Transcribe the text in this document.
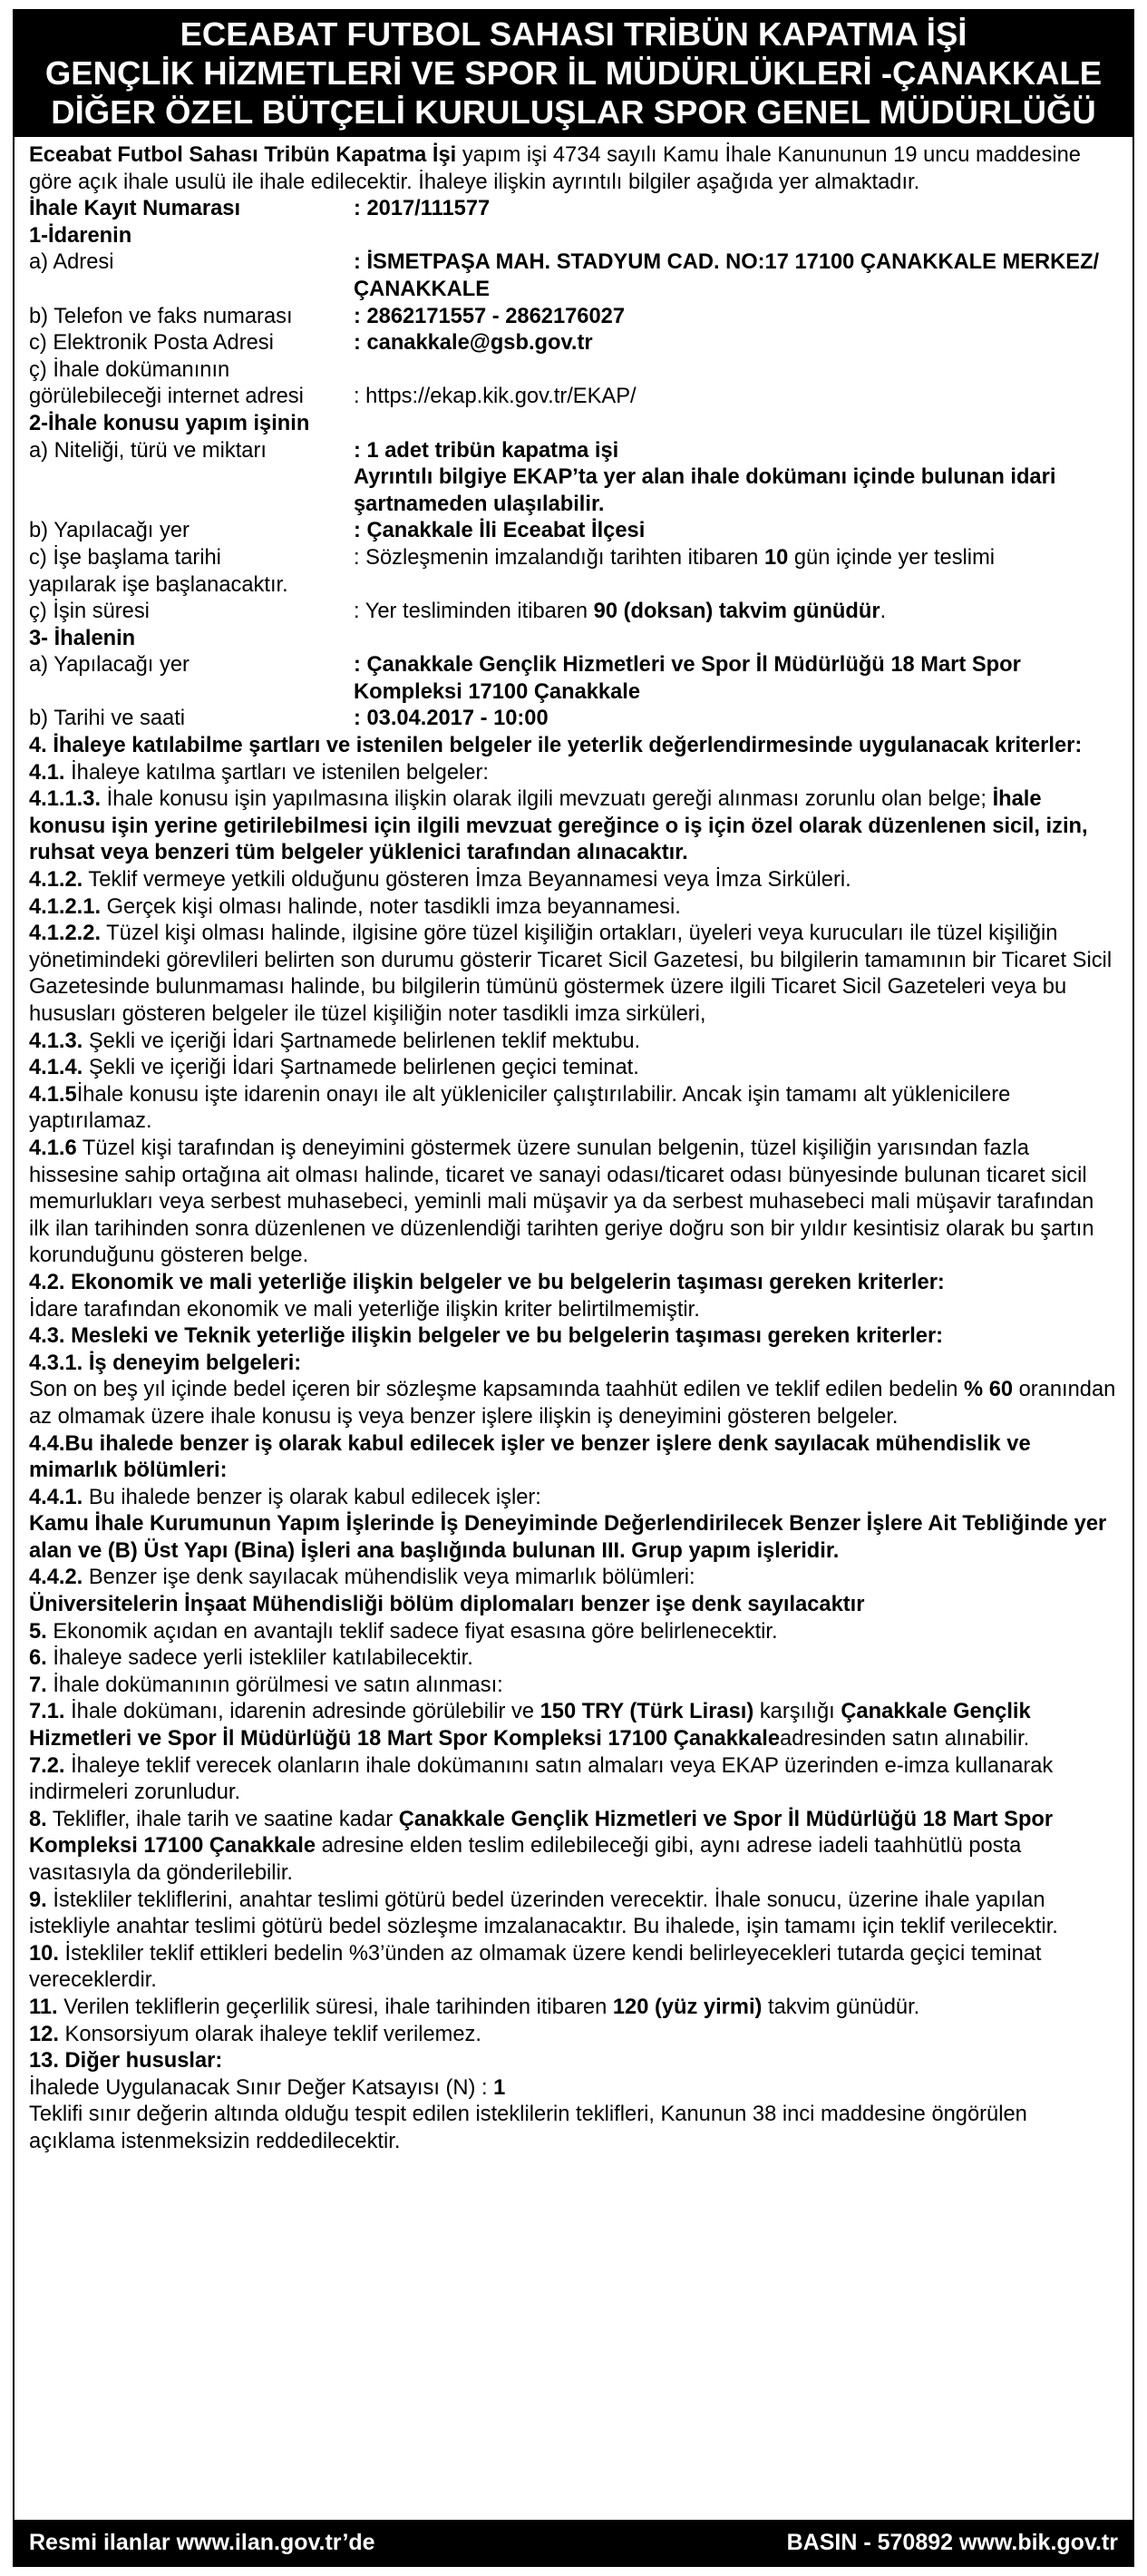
ECEABAT FUTBOL SAHASI TRİBÜN KAPATMA İŞİ
GENÇLİK HİZMETLERİ VE SPOR İL MÜDÜRLÜKLERİ -ÇANAKKALE
DİĞER ÖZEL BÜTÇELİ KURULUŞLAR SPOR GENEL MÜDÜRLÜĞÜ

Eceabat Futbol Sahası Tribün Kapatma İşi yapım işi 4734 sayılı Kamu İhale Kanununun 19 uncu maddesine göre açık ihale usulü ile ihale edilecektir. İhaleye ilişkin ayrıntılı bilgiler aşağıda yer almaktadır.

İhale Kayıt Numarası	: 2017/111577

1-İdarenin

a) Adresi	: İSMETPAŞA MAH. STADYUM CAD. NO:17 17100 ÇANAKKALE MERKEZ/ÇANAKKALE
b) Telefon ve faks numarası	: 2862171557 - 2862176027
c) Elektronik Posta Adresi	: canakkale@gsb.gov.tr
ç) İhale dokümanının
görülebileceği internet adresi	: https://ekap.kik.gov.tr/EKAP/

2-İhale konusu yapım işinin

a) Niteliği, türü ve miktarı	: 1 adet tribün kapatma işi
Ayrıntılı bilgiye EKAP’ta yer alan ihale dokümanı içinde bulunan idari şartnameden ulaşılabilir.
b) Yapılacağı yer	: Çanakkale İli Eceabat İlçesi
c) İşe başlama tarihi	: Sözleşmenin imzalandığı tarihten itibaren 10 gün içinde yer teslimi
yapılarak işe başlanacaktır.
ç) İşin süresi	: Yer tesliminden itibaren 90 (doksan) takvim günüdür.

3- İhalenin

a) Yapılacağı yer	: Çanakkale Gençlik Hizmetleri ve Spor İl Müdürlüğü 18 Mart Spor Kompleksi 17100 Çanakkale
b) Tarihi ve saati	: 03.04.2017 - 10:00

4. İhaleye katılabilme şartları ve istenilen belgeler ile yeterlik değerlendirmesinde uygulanacak kriterler:

4.1. İhaleye katılma şartları ve istenilen belgeler:

4.1.1.3. İhale konusu işin yapılmasına ilişkin olarak ilgili mevzuatı gereği alınması zorunlu olan belge; İhale konusu işin yerine getirilebilmesi için ilgili mevzuat gereğince o iş için özel olarak düzenlenen sicil, izin, ruhsat veya benzeri tüm belgeler yüklenici tarafından alınacaktır.

4.1.2. Teklif vermeye yetkili olduğunu gösteren İmza Beyannamesi veya İmza Sirküleri.

4.1.2.1. Gerçek kişi olması halinde, noter tasdikli imza beyannamesi.

4.1.2.2. Tüzel kişi olması halinde, ilgisine göre tüzel kişiliğin ortakları, üyeleri veya kurucuları ile tüzel kişiliğin yönetimindeki görevlileri belirten son durumu gösterir Ticaret Sicil Gazetesi, bu bilgilerin tamamının bir Ticaret Sicil Gazetesinde bulunmaması halinde, bu bilgilerin tümünü göstermek üzere ilgili Ticaret Sicil Gazeteleri veya bu hususları gösteren belgeler ile tüzel kişiliğin noter tasdikli imza sirküleri,

4.1.3. Şekli ve içeriği İdari Şartnamede belirlenen teklif mektubu.

4.1.4. Şekli ve içeriği İdari Şartnamede belirlenen geçici teminat.

4.1.5İhale konusu işte idarenin onayı ile alt yükleniciler çalıştırılabilir. Ancak işin tamamı alt yüklenicilere yaptırılamaz.

4.1.6 Tüzel kişi tarafından iş deneyimini göstermek üzere sunulan belgenin, tüzel kişiliğin yarısından fazla hissesine sahip ortağına ait olması halinde, ticaret ve sanayi odası/ticaret odası bünyesinde bulunan ticaret sicil memurlukları veya serbest muhasebeci, yeminli mali müşavir ya da serbest muhasebeci mali müşavir tarafından ilk ilan tarihinden sonra düzenlenen ve düzenlendiği tarihten geriye doğru son bir yıldır kesintisiz olarak bu şartın korunduğunu gösteren belge.

4.2. Ekonomik ve mali yeterliğe ilişkin belgeler ve bu belgelerin taşıması gereken kriterler:

İdare tarafından ekonomik ve mali yeterliğe ilişkin kriter belirtilmemiştir.

4.3. Mesleki ve Teknik yeterliğe ilişkin belgeler ve bu belgelerin taşıması gereken kriterler:

4.3.1. İş deneyim belgeleri:

Son on beş yıl içinde bedel içeren bir sözleşme kapsamında taahhüt edilen ve teklif edilen bedelin % 60 oranından az olmamak üzere ihale konusu iş veya benzer işlere ilişkin iş deneyimini gösteren belgeler.

4.4.Bu ihalede benzer iş olarak kabul edilecek işler ve benzer işlere denk sayılacak mühendislik ve mimarlık bölümleri:

4.4.1. Bu ihalede benzer iş olarak kabul edilecek işler:

Kamu İhale Kurumunun Yapım İşlerinde İş Deneyiminde Değerlendirilecek Benzer İşlere Ait Tebliğinde yer alan ve (B) Üst Yapı (Bina) İşleri ana başlığında bulunan III. Grup yapım işleridir.

4.4.2. Benzer işe denk sayılacak mühendislik veya mimarlık bölümleri:

Üniversitelerin İnşaat Mühendisliği bölüm diplomaları benzer işe denk sayılacaktır

5. Ekonomik açıdan en avantajlı teklif sadece fiyat esasına göre belirlenecektir.

6. İhaleye sadece yerli istekliler katılabilecektir.

7. İhale dokümanının görülmesi ve satın alınması:

7.1. İhale dokümanı, idarenin adresinde görülebilir ve 150 TRY (Türk Lirası) karşılığı Çanakkale Gençlik Hizmetleri ve Spor İl Müdürlüğü 18 Mart Spor Kompleksi 17100 Çanakkaleadresinden satın alınabilir.

7.2. İhaleye teklif verecek olanların ihale dokümanını satın almaları veya EKAP üzerinden e-imza kullanarak indirmeleri zorunludur.

8. Teklifler, ihale tarih ve saatine kadar Çanakkale Gençlik Hizmetleri ve Spor İl Müdürlüğü 18 Mart Spor Kompleksi 17100 Çanakkale adresine elden teslim edilebileceği gibi, aynı adrese iadeli taahhütlü posta vasıtasıyla da gönderilebilir.

9. İstekliler tekliflerini, anahtar teslimi götürü bedel üzerinden verecektir. İhale sonucu, üzerine ihale yapılan istekliyle anahtar teslimi götürü bedel sözleşme imzalanacaktır. Bu ihalede, işin tamamı için teklif verilecektir.

10. İstekliler teklif ettikleri bedelin %3’ünden az olmamak üzere kendi belirleyecekleri tutarda geçici teminat vereceklerdir.

11. Verilen tekliflerin geçerlilik süresi, ihale tarihinden itibaren 120 (yüz yirmi) takvim günüdür.

12. Konsorsiyum olarak ihaleye teklif verilemez.

13. Diğer hususlar:

İhalede Uygulanacak Sınır Değer Katsayısı (N) : 1

Teklifi sınır değerin altında olduğu tespit edilen isteklilerin teklifleri, Kanunun 38 inci maddesine öngörülen açıklama istenmeksizin reddedilecektir.

Resmi ilanlar www.ilan.gov.tr’de	BASIN - 570892 www.bik.gov.tr
